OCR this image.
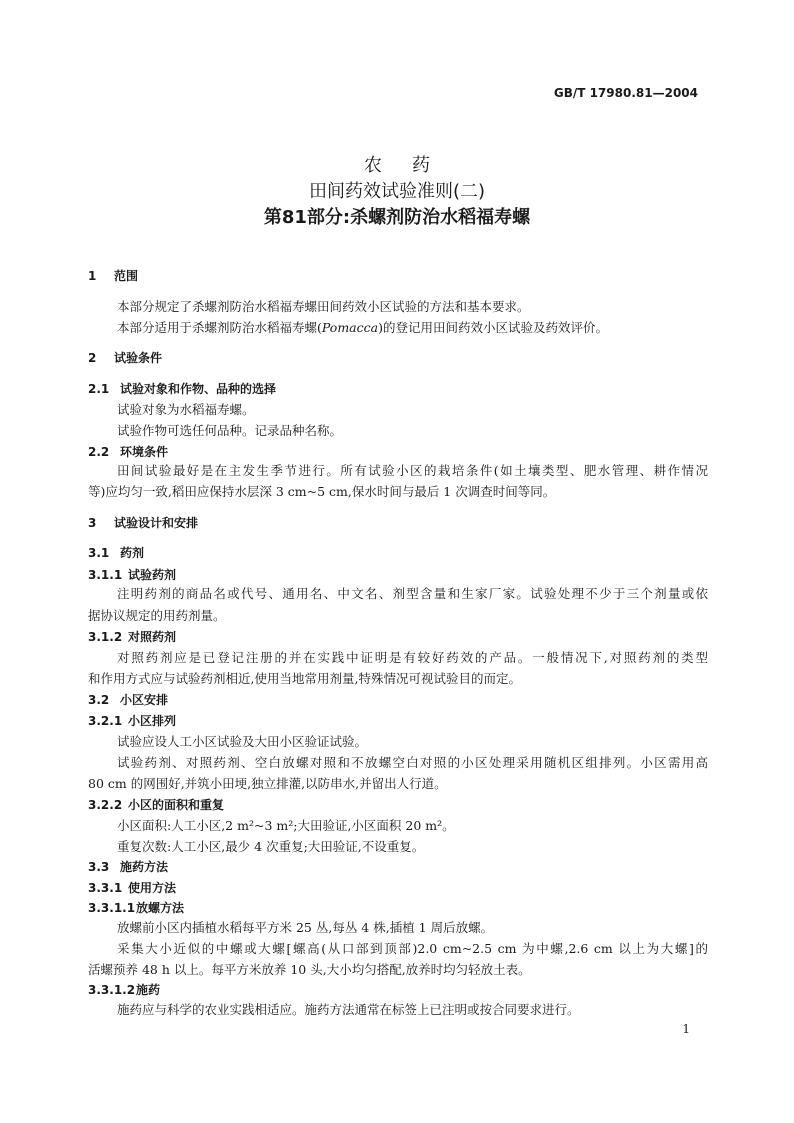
GB/T 17980.81—2004
农药
田间药效试验准则(二)
第81部分:杀螺剂防治水稻福寿螺
1 范围
本部分规定了杀螺剂防治水稻福寿螺田间药效小区试验的方法和基本要求。
本部分适用于杀螺剂防治水稻福寿螺(Pomacca)的登记用田间药效小区试验及药效评价。
2 试验条件
2.1 试验对象和作物、品种的选择
试验对象为水稻福寿螺。
试验作物可选任何品种。记录品种名称。
2.2 环境条件
田间试验最好是在主发生季节进行。所有试验小区的栽培条件(如土壤类型、肥水管理、耕作情况
等)应均匀一致,稻田应保持水层深 3 cm~5 cm,保水时间与最后 1 次调查时间等同。
3 试验设计和安排
3.1 药剂
3.1.1 试验药剂
注明药剂的商品名或代号、通用名、中文名、剂型含量和生家厂家。试验处理不少于三个剂量或依
据协议规定的用药剂量。
3.1.2 对照药剂
对照药剂应是已登记注册的并在实践中证明是有较好药效的产品。一般情况下,对照药剂的类型
和作用方式应与试验药剂相近,使用当地常用剂量,特殊情况可视试验目的而定。
3.2 小区安排
3.2.1 小区排列
试验应设人工小区试验及大田小区验证试验。
试验药剂、对照药剂、空白放螺对照和不放螺空白对照的小区处理采用随机区组排列。小区需用高
80 cm 的网围好,并筑小田埂,独立排灌,以防串水,并留出人行道。
3.2.2 小区的面积和重复
小区面积:人工小区,2 m²~3 m²;大田验证,小区面积 20 m²。
重复次数:人工小区,最少 4 次重复;大田验证,不设重复。
3.3 施药方法
3.3.1 使用方法
3.3.1.1放螺方法
放螺前小区内插植水稻每平方米 25 丛,每丛 4 株,插植 1 周后放螺。
采集大小近似的中螺或大螺[螺高(从口部到顶部)2.0 cm~2.5 cm 为中螺,2.6 cm 以上为大螺]的
活螺预养 48 h 以上。每平方米放养 10 头,大小均匀搭配,放养时均匀轻放土表。
3.3.1.2施药
施药应与科学的农业实践相适应。施药方法通常在标签上已注明或按合同要求进行。
1
